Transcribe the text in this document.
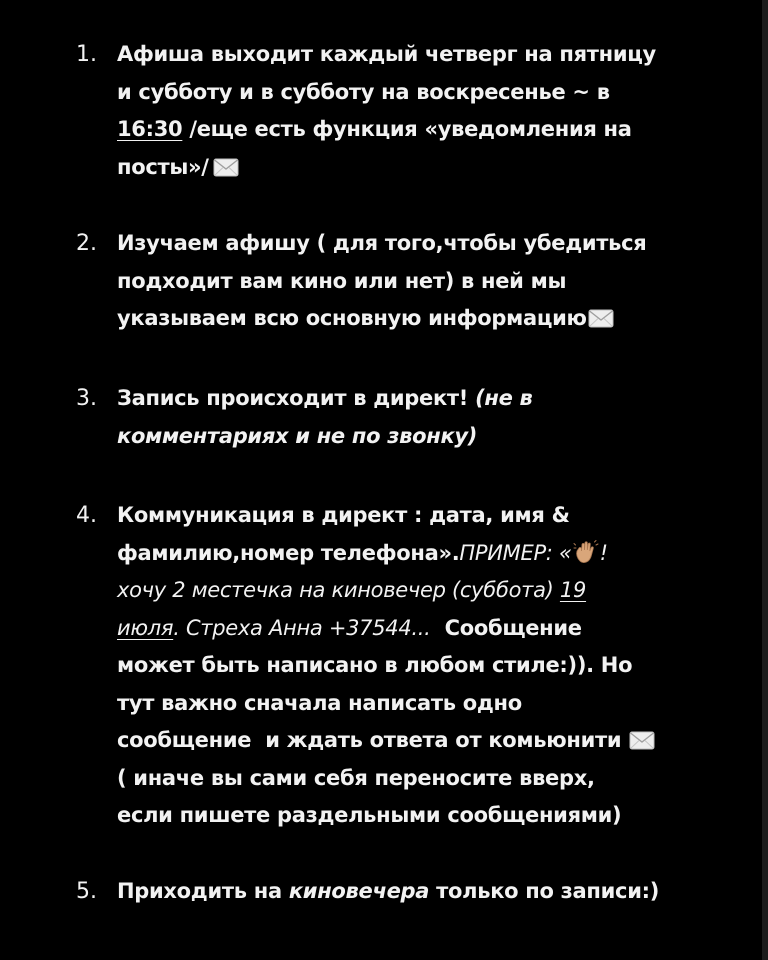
1. Афиша выходит каждый четверг на пятницу
и субботу и в субботу на воскресенье ~ в
16:30 /еще есть функция «уведомления на
посты»/
2. Изучаем афишу ( для того,чтобы убедиться
подходит вам кино или нет) в ней мы
указываем всю основную информацию
3. Запись происходит в директ! (не в
комментариях и не по звонку)
4. Коммуникация в директ : дата, имя &
фамилию,номер телефона».ПРИМЕР: « !
хочу 2 местечка на киновечер (суббота) 19
июля. Стреха Анна +37544...  Сообщение
может быть написано в любом стиле:)). Но
тут важно сначала написать одно
сообщение  и ждать ответа от комьюнити
( иначе вы сами себя переносите вверх,
если пишете раздельными сообщениями)
5. Приходить на киновечера только по записи:)
